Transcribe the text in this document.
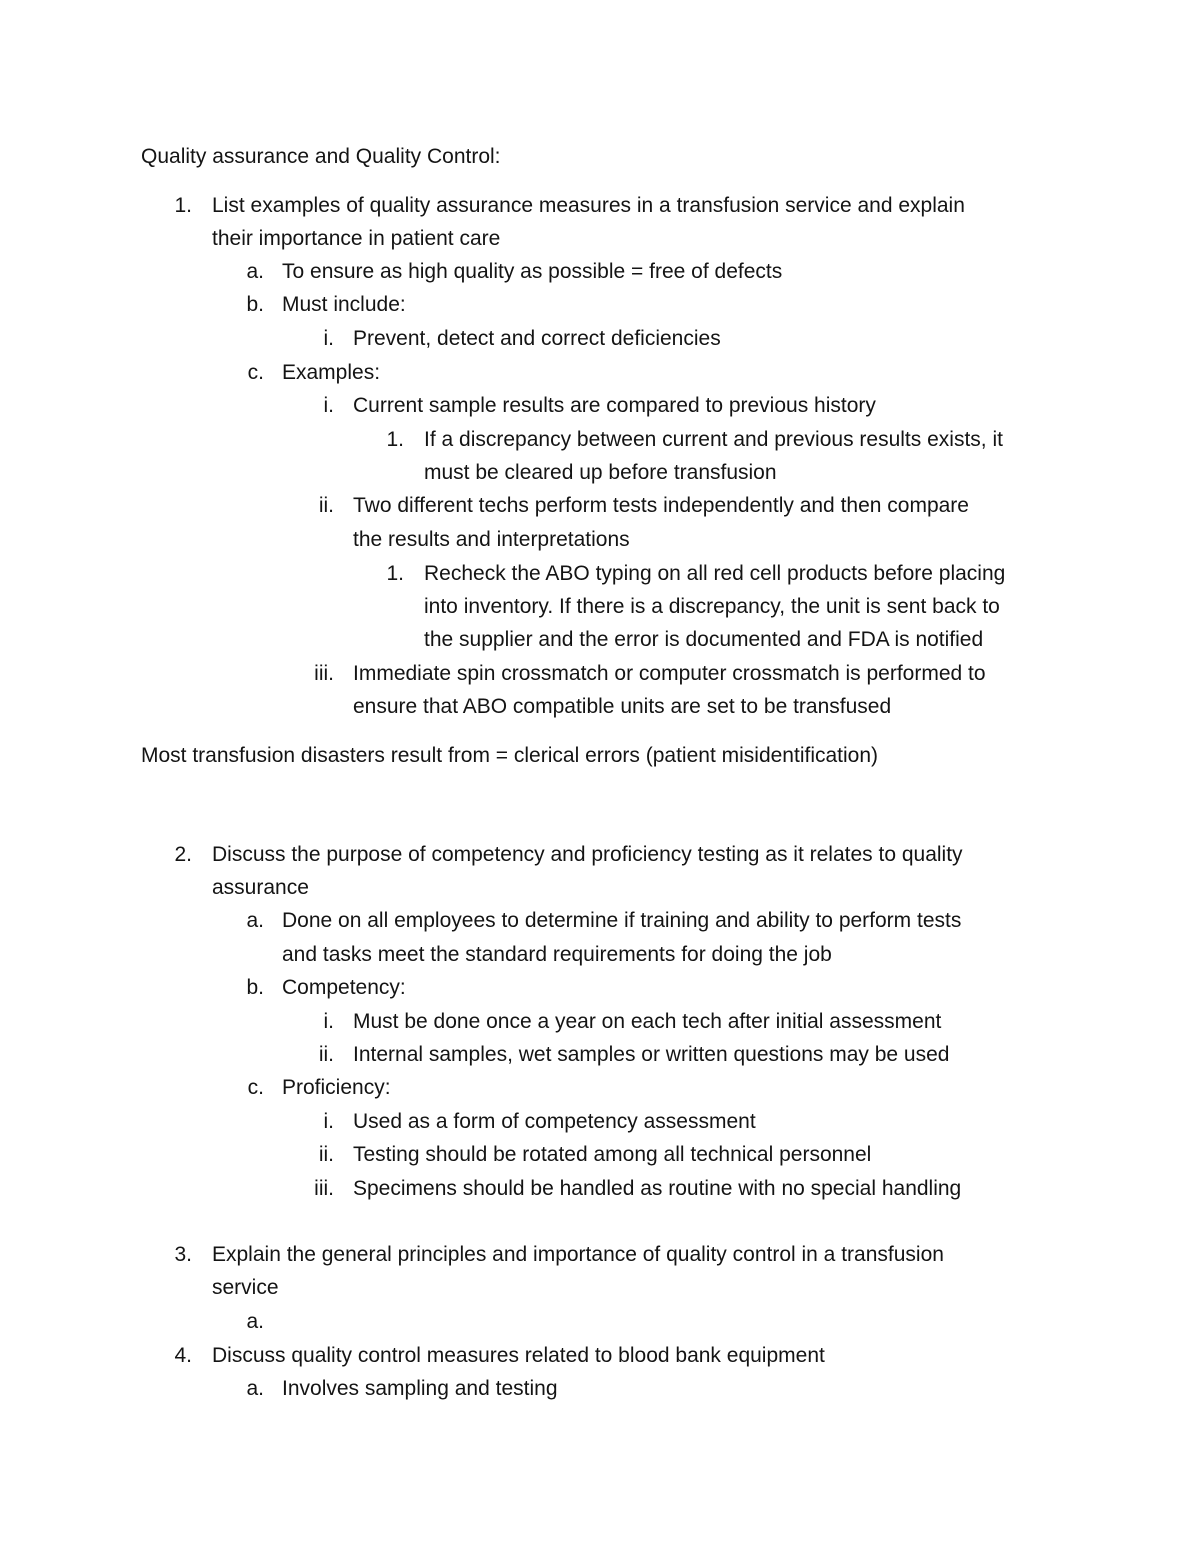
Quality assurance and Quality Control:
1. List examples of quality assurance measures in a transfusion service and explain
their importance in patient care
a. To ensure as high quality as possible = free of defects
b. Must include:
i. Prevent, detect and correct deficiencies
c. Examples:
i. Current sample results are compared to previous history
1. If a discrepancy between current and previous results exists, it
must be cleared up before transfusion
ii. Two different techs perform tests independently and then compare
the results and interpretations
1. Recheck the ABO typing on all red cell products before placing
into inventory. If there is a discrepancy, the unit is sent back to
the supplier and the error is documented and FDA is notified
iii. Immediate spin crossmatch or computer crossmatch is performed to
ensure that ABO compatible units are set to be transfused
Most transfusion disasters result from = clerical errors (patient misidentification)
2. Discuss the purpose of competency and proficiency testing as it relates to quality
assurance
a. Done on all employees to determine if training and ability to perform tests
and tasks meet the standard requirements for doing the job
b. Competency:
i. Must be done once a year on each tech after initial assessment
ii. Internal samples, wet samples or written questions may be used
c. Proficiency:
i. Used as a form of competency assessment
ii. Testing should be rotated among all technical personnel
iii. Specimens should be handled as routine with no special handling
3. Explain the general principles and importance of quality control in a transfusion
service
a.
4. Discuss quality control measures related to blood bank equipment
a. Involves sampling and testing
